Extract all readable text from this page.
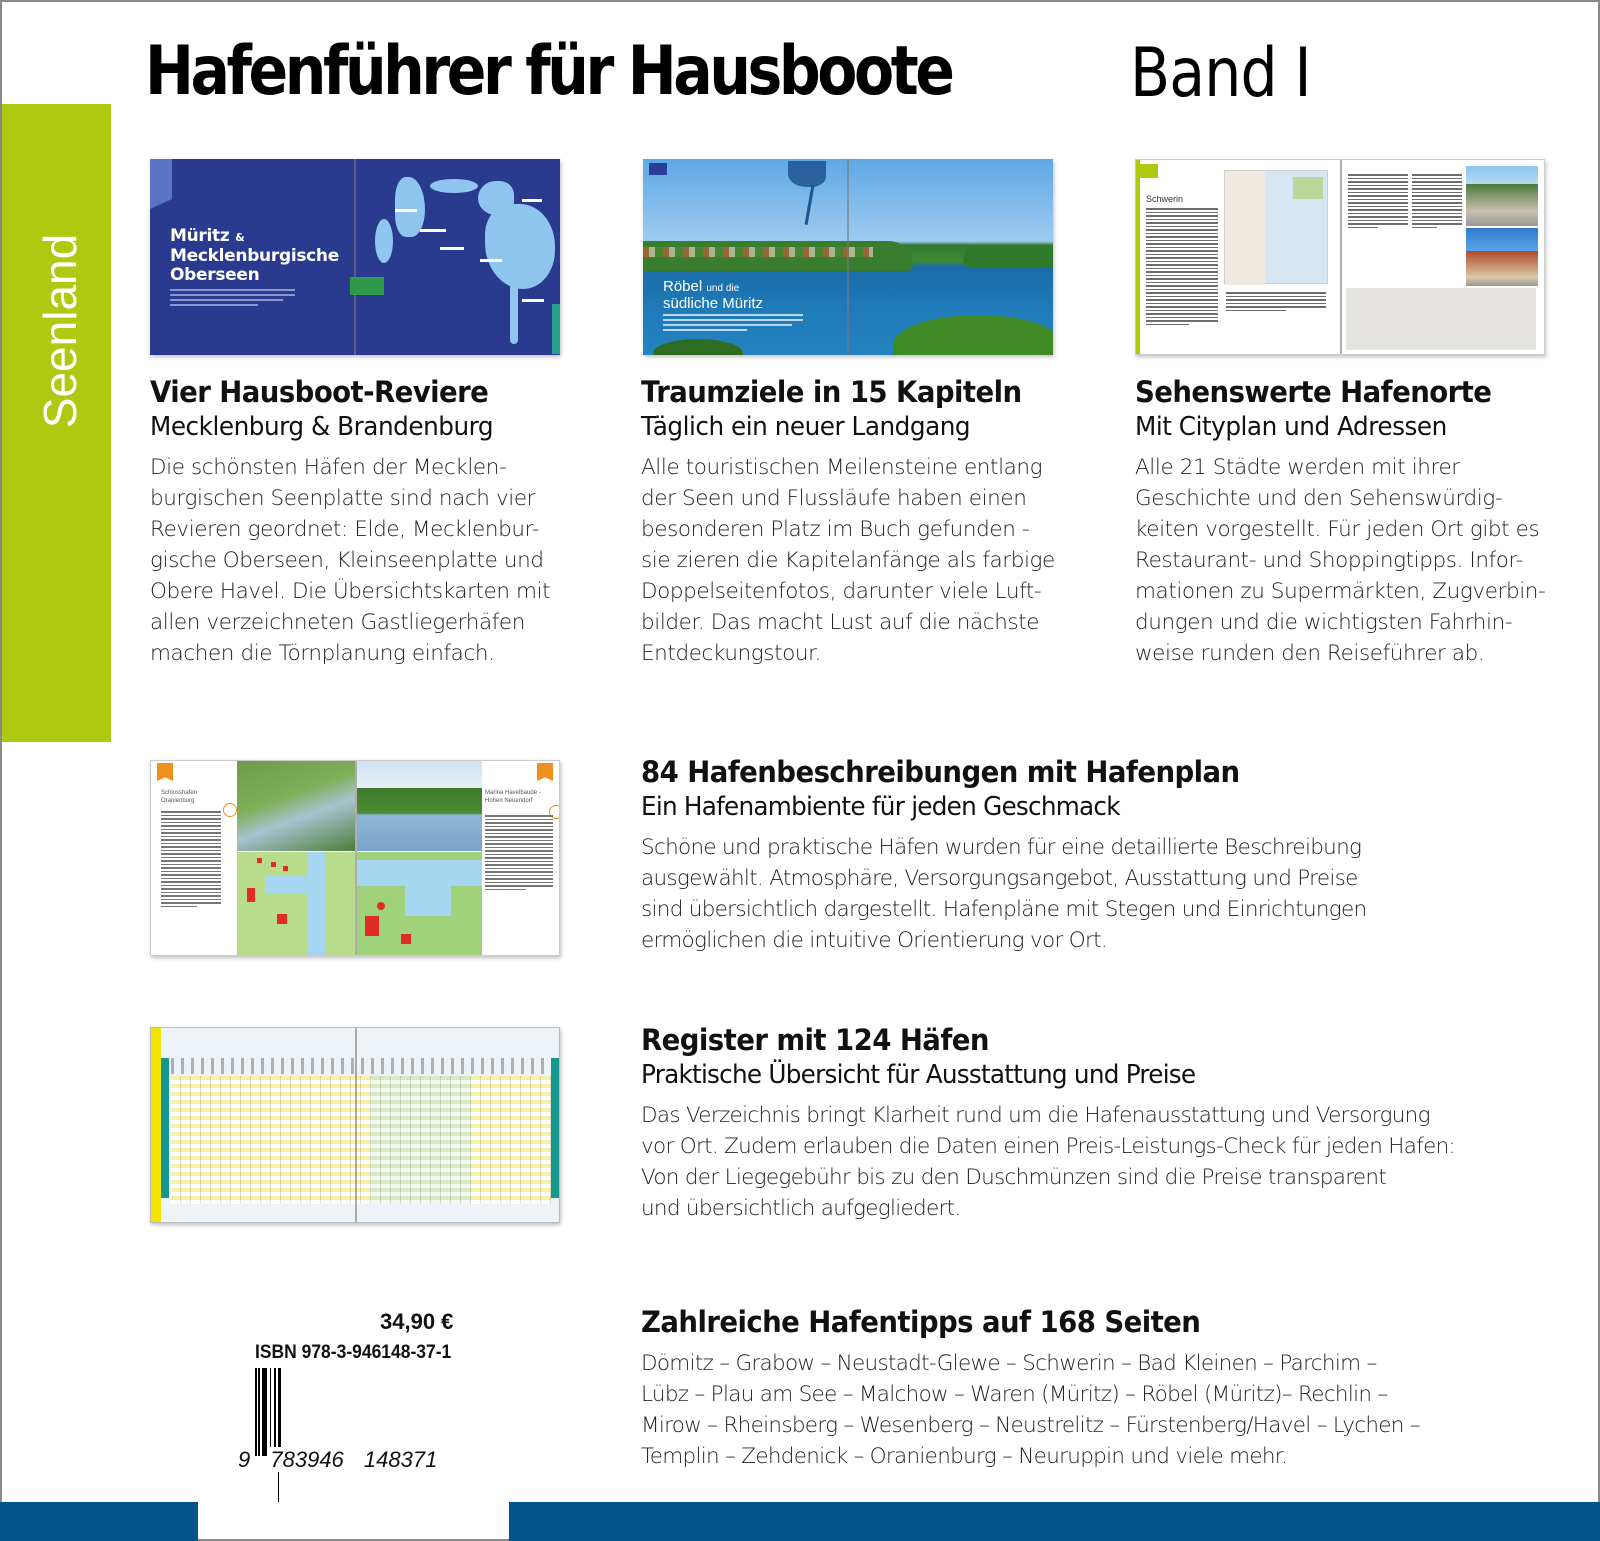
Hafenführer für Hausboote	Band I
Seenland	Müritz &
Mecklenburgische
Oberseen
Röbel und die
südliche Müritz
Schwerin
Schlosshafen Oranienburg
Marina Havelbaude - Hohen Neuendorf
Vier Hausboot-Reviere
Mecklenburg & Brandenburg

Die schönsten Häfen der Mecklen-
burgischen Seenplatte sind nach vier
Revieren geordnet: Elde, Mecklenbur-
gische Oberseen, Kleinseenplatte und
Obere Havel. Die Übersichtskarten mit
allen verzeichneten Gastliegerhäfen
machen die Törnplanung einfach.

Traumziele in 15 Kapiteln
Täglich ein neuer Landgang

Alle touristischen Meilensteine entlang
der Seen und Flussläufe haben einen
besonderen Platz im Buch gefunden -
sie zieren die Kapitelanfänge als farbige
Doppelseitenfotos, darunter viele Luft-
bilder. Das macht Lust auf die nächste
Entdeckungstour.

Sehenswerte Hafenorte
Mit Cityplan und Adressen

Alle 21 Städte werden mit ihrer
Geschichte und den Sehenswürdig-
keiten vorgestellt. Für jeden Ort gibt es
Restaurant- und Shoppingtipps. Infor-
mationen zu Supermärkten, Zugverbin-
dungen und die wichtigsten Fahrhin-
weise runden den Reiseführer ab.

84 Hafenbeschreibungen mit Hafenplan
Ein Hafenambiente für jeden Geschmack

Schöne und praktische Häfen wurden für eine detaillierte Beschreibung
ausgewählt. Atmosphäre, Versorgungsangebot, Ausstattung und Preise
sind übersichtlich dargestellt. Hafenpläne mit Stegen und Einrichtungen
ermöglichen die intuitive Orientierung vor Ort.

Register mit 124 Häfen
Praktische Übersicht für Ausstattung und Preise

Das Verzeichnis bringt Klarheit rund um die Hafenausstattung und Versorgung
vor Ort. Zudem erlauben die Daten einen Preis-Leistungs-Check für jeden Hafen:
Von der Liegegebühr bis zu den Duschmünzen sind die Preise transparent
und übersichtlich aufgegliedert.

Zahlreiche Hafentipps auf 168 Seiten

Dömitz – Grabow – Neustadt-Glewe – Schwerin – Bad Kleinen – Parchim –
Lübz – Plau am See – Malchow – Waren (Müritz) – Röbel (Müritz)– Rechlin –
Mirow – Rheinsberg – Wesenberg – Neustrelitz – Fürstenberg/Havel – Lychen –
Templin – Zehdenick – Oranienburg – Neuruppin und viele mehr.

34,90 €
ISBN 978-3-946148-37-1
9 783946 148371
